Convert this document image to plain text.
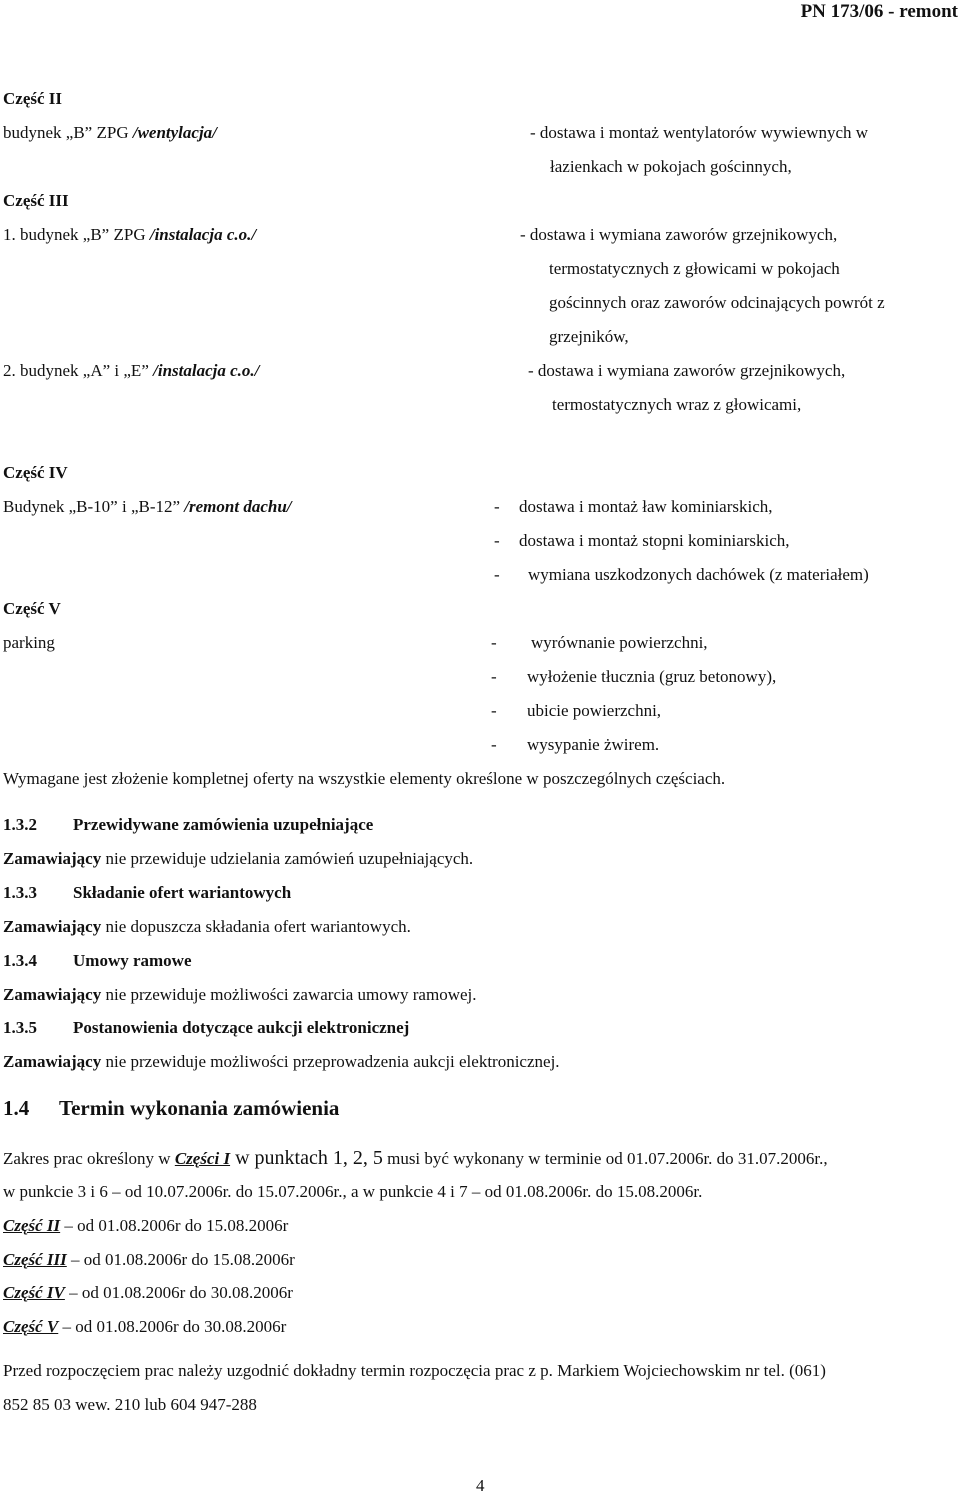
PN 173/06 - remont
Część II
budynek „B” ZPG /wentylacja/	- dostawa i montaż wentylatorów wywiewnych w
łazienkach w pokojach gościnnych,
Część III
1. budynek „B” ZPG /instalacja c.o./	- dostawa i wymiana zaworów grzejnikowych,
termostatycznych z głowicami w pokojach
gościnnych oraz zaworów odcinających powrót z
grzejników,
2. budynek „A” i „E” /instalacja c.o./	- dostawa i wymiana zaworów grzejnikowych,
termostatycznych wraz z głowicami,
Część IV
Budynek „B-10” i „B-12” /remont dachu/	- dostawa i montaż ław kominiarskich,
- dostawa i montaż stopni kominiarskich,
- wymiana uszkodzonych dachówek (z materiałem)
Część V
parking	- wyrównanie powierzchni,
- wyłożenie tłucznia (gruz betonowy),
- ubicie powierzchni,
- wysypanie żwirem.
Wymagane jest złożenie kompletnej oferty na wszystkie elementy określone w poszczególnych częściach.
1.3.2 Przewidywane zamówienia uzupełniające
Zamawiający nie przewiduje udzielania zamówień uzupełniających.
1.3.3 Składanie ofert wariantowych
Zamawiający nie dopuszcza składania ofert wariantowych.
1.3.4 Umowy ramowe
Zamawiający nie przewiduje możliwości zawarcia umowy ramowej.
1.3.5 Postanowienia dotyczące aukcji elektronicznej
Zamawiający nie przewiduje możliwości przeprowadzenia aukcji elektronicznej.
1.4 Termin wykonania zamówienia
Zakres prac określony w Części I w punktach 1, 2, 5 musi być wykonany w terminie od 01.07.2006r. do 31.07.2006r.,
w punkcie 3 i 6 – od 10.07.2006r. do 15.07.2006r., a w punkcie 4 i 7 – od 01.08.2006r. do 15.08.2006r.
Część II – od 01.08.2006r do 15.08.2006r
Część III – od 01.08.2006r do 15.08.2006r
Część IV – od 01.08.2006r do 30.08.2006r
Część V – od 01.08.2006r do 30.08.2006r
Przed rozpoczęciem prac należy uzgodnić dokładny termin rozpoczęcia prac z p. Markiem Wojciechowskim nr tel. (061)
852 85 03 wew. 210 lub 604 947-288
4
